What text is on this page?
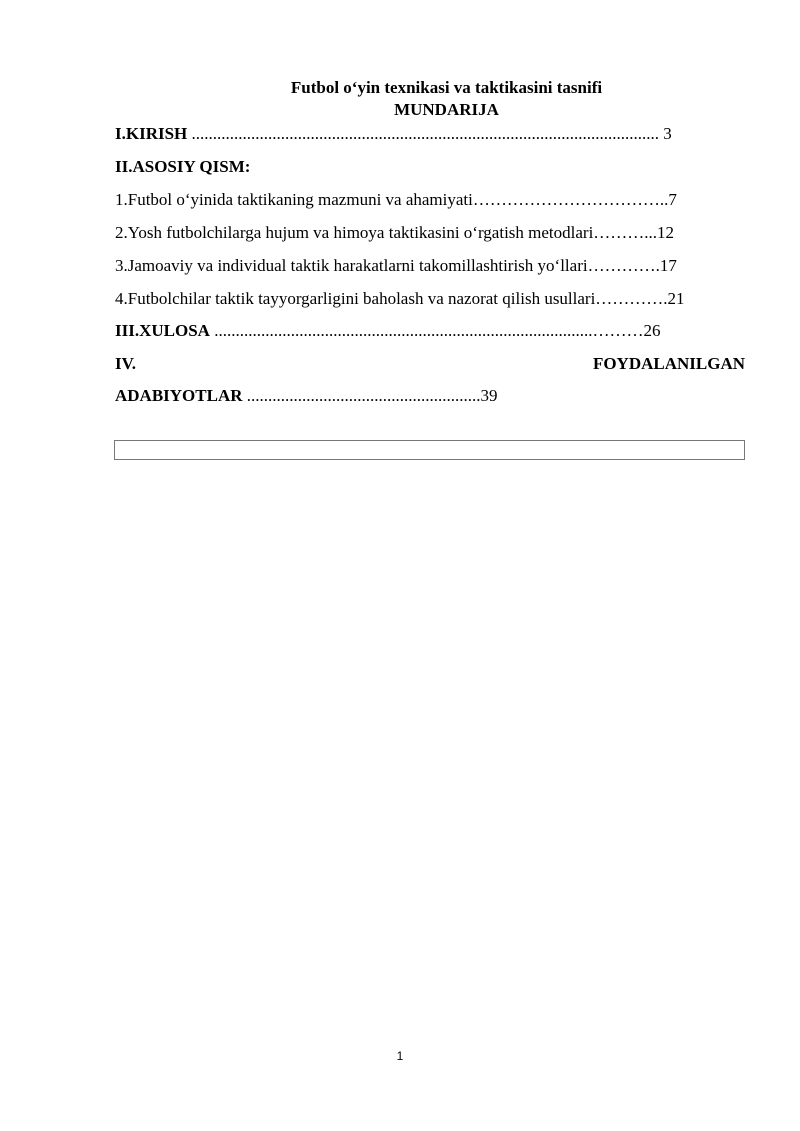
Futbol o‘yin texnikasi va taktikasini tasnifi
MUNDARIJA
I.KIRISH .............................................................................................................. 3
II.ASOSIY QISM:
1.Futbol o‘yinida taktikaning mazmuni va ahamiyati……………………………..7
2.Yosh futbolchilarga hujum va himoya taktikasini o‘rgatish metodlari………...12
3.Jamoaviy va individual taktik harakatlarni takomillashtirish yo‘llari………….17
4.Futbolchilar taktik tayyorgarligini baholash va nazorat qilish usullari………….21
III.XULOSA .........................................................................................………26
IV.	FOYDALANILGAN
ADABIYOTLAR .......................................................39
1
